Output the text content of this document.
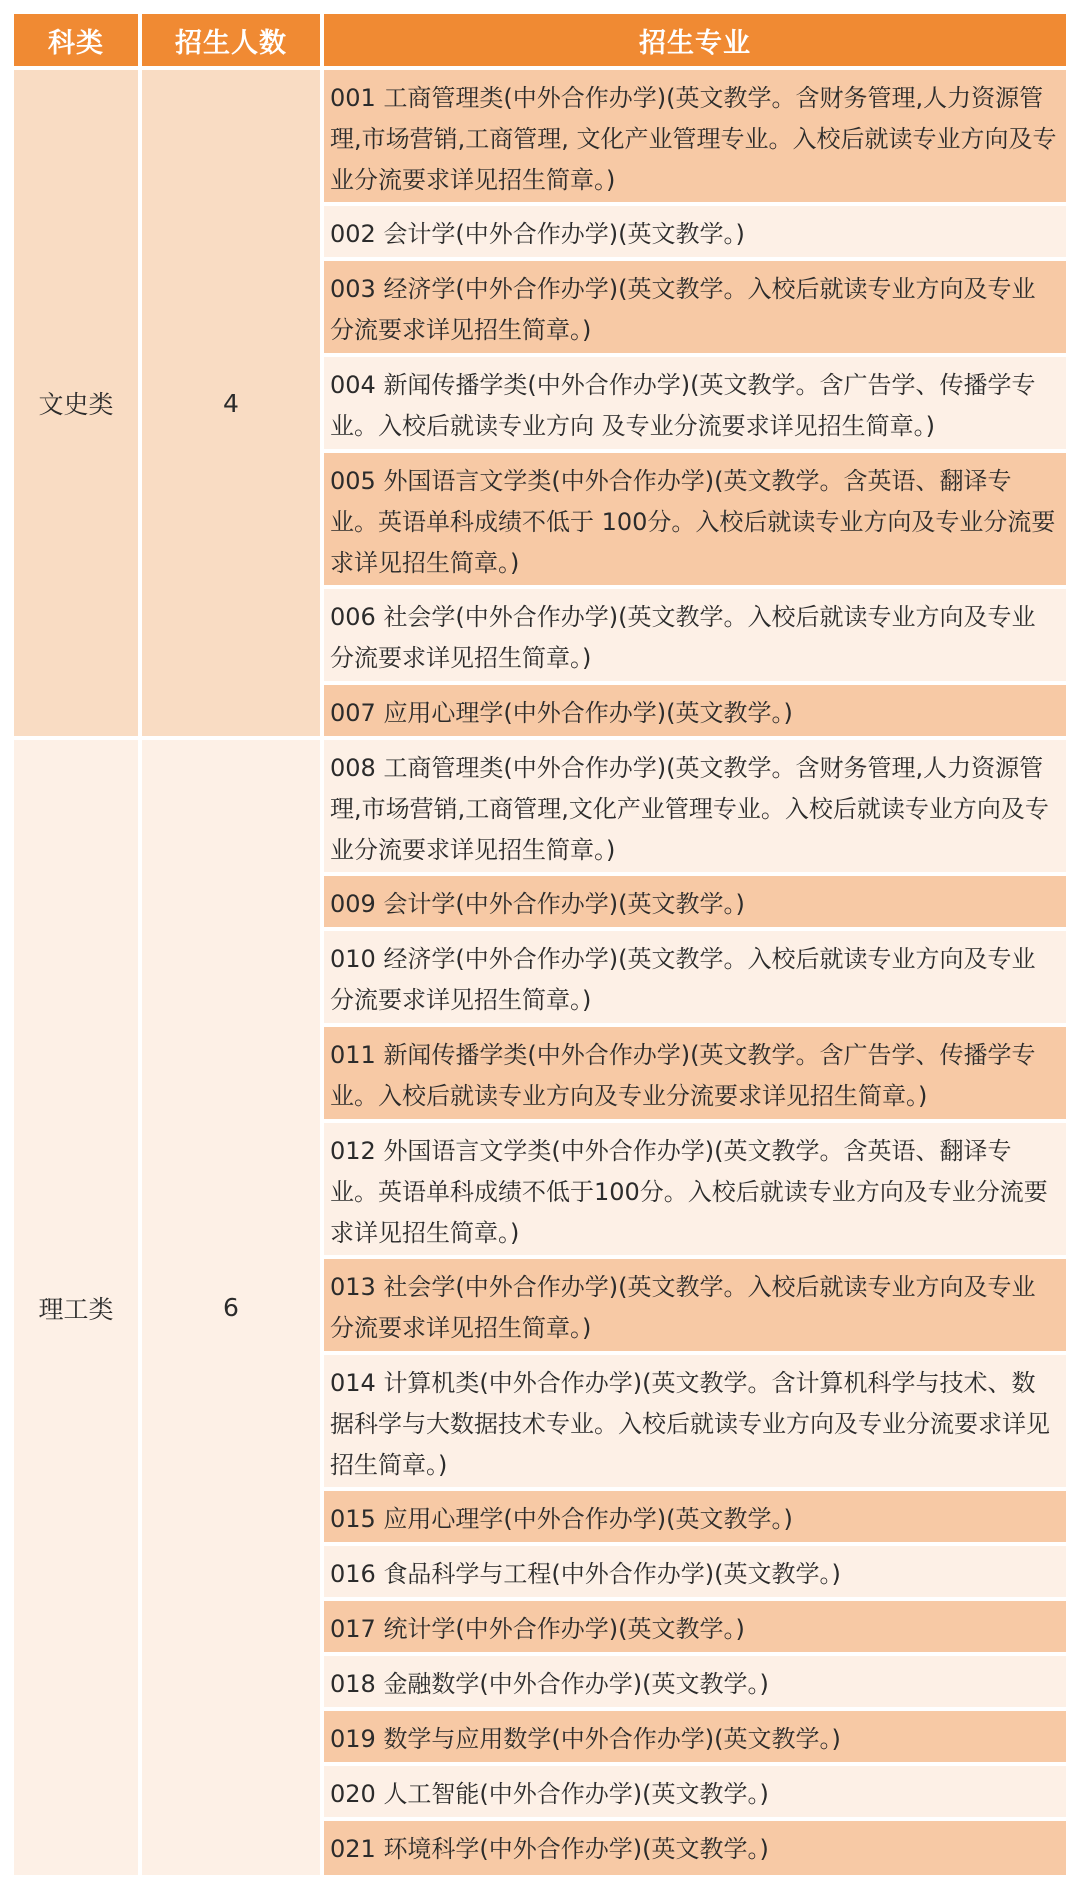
科类	招生人数	招生专业
文史类	4
001 工商管理类(中外合作办学)(英文教学。含财务管理,人力资源管理,市场营销,工商管理, 文化产业管理专业。入校后就读专业方向及专业分流要求详见招生简章。)
002 会计学(中外合作办学)(英文教学。)
003 经济学(中外合作办学)(英文教学。入校后就读专业方向及专业分流要求详见招生简章。)
004 新闻传播学类(中外合作办学)(英文教学。含广告学、传播学专业。入校后就读专业方向 及专业分流要求详见招生简章。)
005 外国语言文学类(中外合作办学)(英文教学。含英语、翻译专业。英语单科成绩不低于 100分。入校后就读专业方向及专业分流要求详见招生简章。)
006 社会学(中外合作办学)(英文教学。入校后就读专业方向及专业分流要求详见招生简章。)
007 应用心理学(中外合作办学)(英文教学。)
理工类	6
008 工商管理类(中外合作办学)(英文教学。含财务管理,人力资源管理,市场营销,工商管理,文化产业管理专业。入校后就读专业方向及专业分流要求详见招生简章。)
009 会计学(中外合作办学)(英文教学。)
010 经济学(中外合作办学)(英文教学。入校后就读专业方向及专业分流要求详见招生简章。)
011 新闻传播学类(中外合作办学)(英文教学。含广告学、传播学专业。入校后就读专业方向及专业分流要求详见招生简章。)
012 外国语言文学类(中外合作办学)(英文教学。含英语、翻译专业。英语单科成绩不低于100分。入校后就读专业方向及专业分流要求详见招生简章。)
013 社会学(中外合作办学)(英文教学。入校后就读专业方向及专业分流要求详见招生简章。)
014 计算机类(中外合作办学)(英文教学。含计算机科学与技术、数据科学与大数据技术专业。入校后就读专业方向及专业分流要求详见招生简章。)
015 应用心理学(中外合作办学)(英文教学。)
016 食品科学与工程(中外合作办学)(英文教学。)
017 统计学(中外合作办学)(英文教学。)
018 金融数学(中外合作办学)(英文教学。)
019 数学与应用数学(中外合作办学)(英文教学。)
020 人工智能(中外合作办学)(英文教学。)
021 环境科学(中外合作办学)(英文教学。)
